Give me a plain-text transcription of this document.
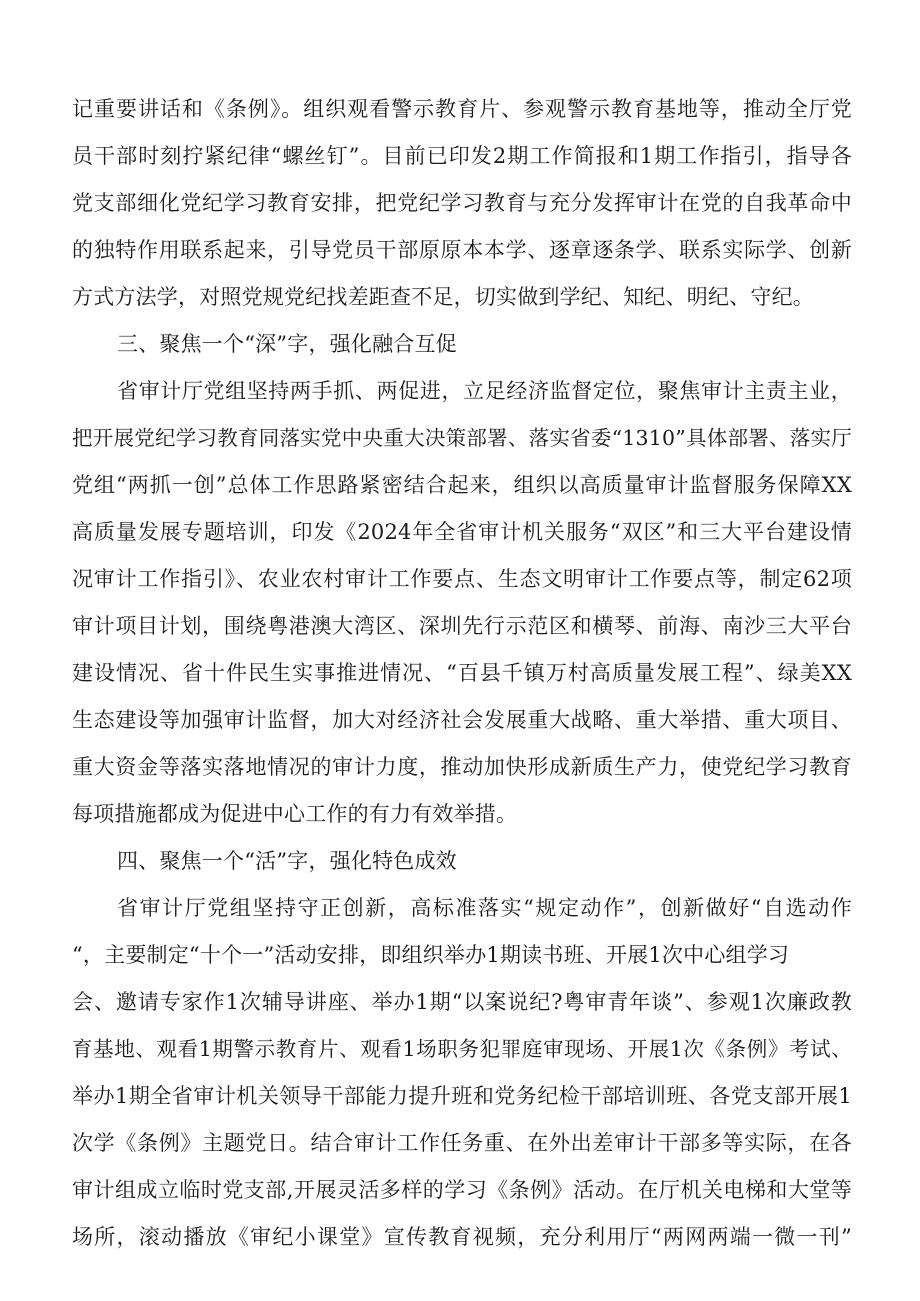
记重要讲话和《条例》。组织观看警示教育片、参观警示教育基地等，推动全厅党
员干部时刻拧紧纪律“螺丝钉”。目前已印发2期工作简报和1期工作指引，指导各
党支部细化党纪学习教育安排，把党纪学习教育与充分发挥审计在党的自我革命中
的独特作用联系起来，引导党员干部原原本本学、逐章逐条学、联系实际学、创新
方式方法学，对照党规党纪找差距查不足，切实做到学纪、知纪、明纪、守纪。
三、聚焦一个“深”字，强化融合互促
省审计厅党组坚持两手抓、两促进，立足经济监督定位，聚焦审计主责主业，
把开展党纪学习教育同落实党中央重大决策部署、落实省委“1310”具体部署、落实厅
党组“两抓一创”总体工作思路紧密结合起来，组织以高质量审计监督服务保障XX
高质量发展专题培训，印发《2024年全省审计机关服务“双区”和三大平台建设情
况审计工作指引》、农业农村审计工作要点、生态文明审计工作要点等，制定62项
审计项目计划，围绕粤港澳大湾区、深圳先行示范区和横琴、前海、南沙三大平台
建设情况、省十件民生实事推进情况、“百县千镇万村高质量发展工程”、绿美XX
生态建设等加强审计监督，加大对经济社会发展重大战略、重大举措、重大项目、
重大资金等落实落地情况的审计力度，推动加快形成新质生产力，使党纪学习教育
每项措施都成为促进中心工作的有力有效举措。
四、聚焦一个“活”字，强化特色成效
省审计厅党组坚持守正创新，高标准落实“规定动作”，创新做好“自选动作
“，主要制定“十个一”活动安排，即组织举办1期读书班、开展1次中心组学习
会、邀请专家作1次辅导讲座、举办1期“以案说纪?粤审青年谈”、参观1次廉政教
育基地、观看1期警示教育片、观看1场职务犯罪庭审现场、开展1次《条例》考试、
举办1期全省审计机关领导干部能力提升班和党务纪检干部培训班、各党支部开展1
次学《条例》主题党日。结合审计工作任务重、在外出差审计干部多等实际，在各
审计组成立临时党支部,开展灵活多样的学习《条例》活动。在厅机关电梯和大堂等
场所，滚动播放《审纪小课堂》宣传教育视频，充分利用厅“两网两端一微一刊”
